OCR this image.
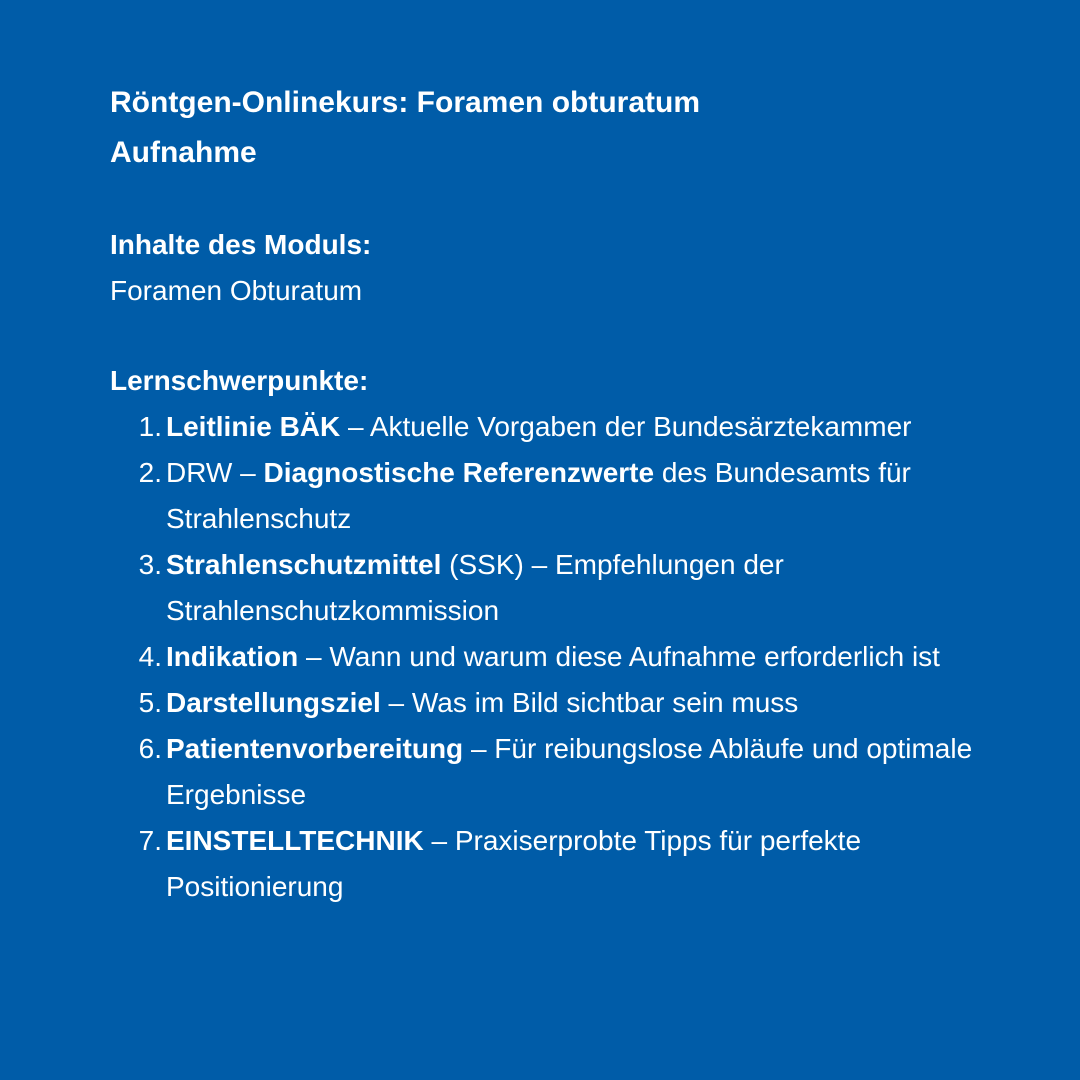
Röntgen-Onlinekurs: Foramen obturatum
Aufnahme
Inhalte des Moduls:
Foramen Obturatum
Lernschwerpunkte:
1. Leitlinie BÄK – Aktuelle Vorgaben der Bundesärztekammer
2. DRW – Diagnostische Referenzwerte des Bundesamts für Strahlenschutz
3. Strahlenschutzmittel (SSK) – Empfehlungen der Strahlenschutzkommission
4. Indikation – Wann und warum diese Aufnahme erforderlich ist
5. Darstellungsziel – Was im Bild sichtbar sein muss
6. Patientenvorbereitung – Für reibungslose Abläufe und optimale Ergebnisse
7. EINSTELLTECHNIK – Praxiserprobte Tipps für perfekte Positionierung
